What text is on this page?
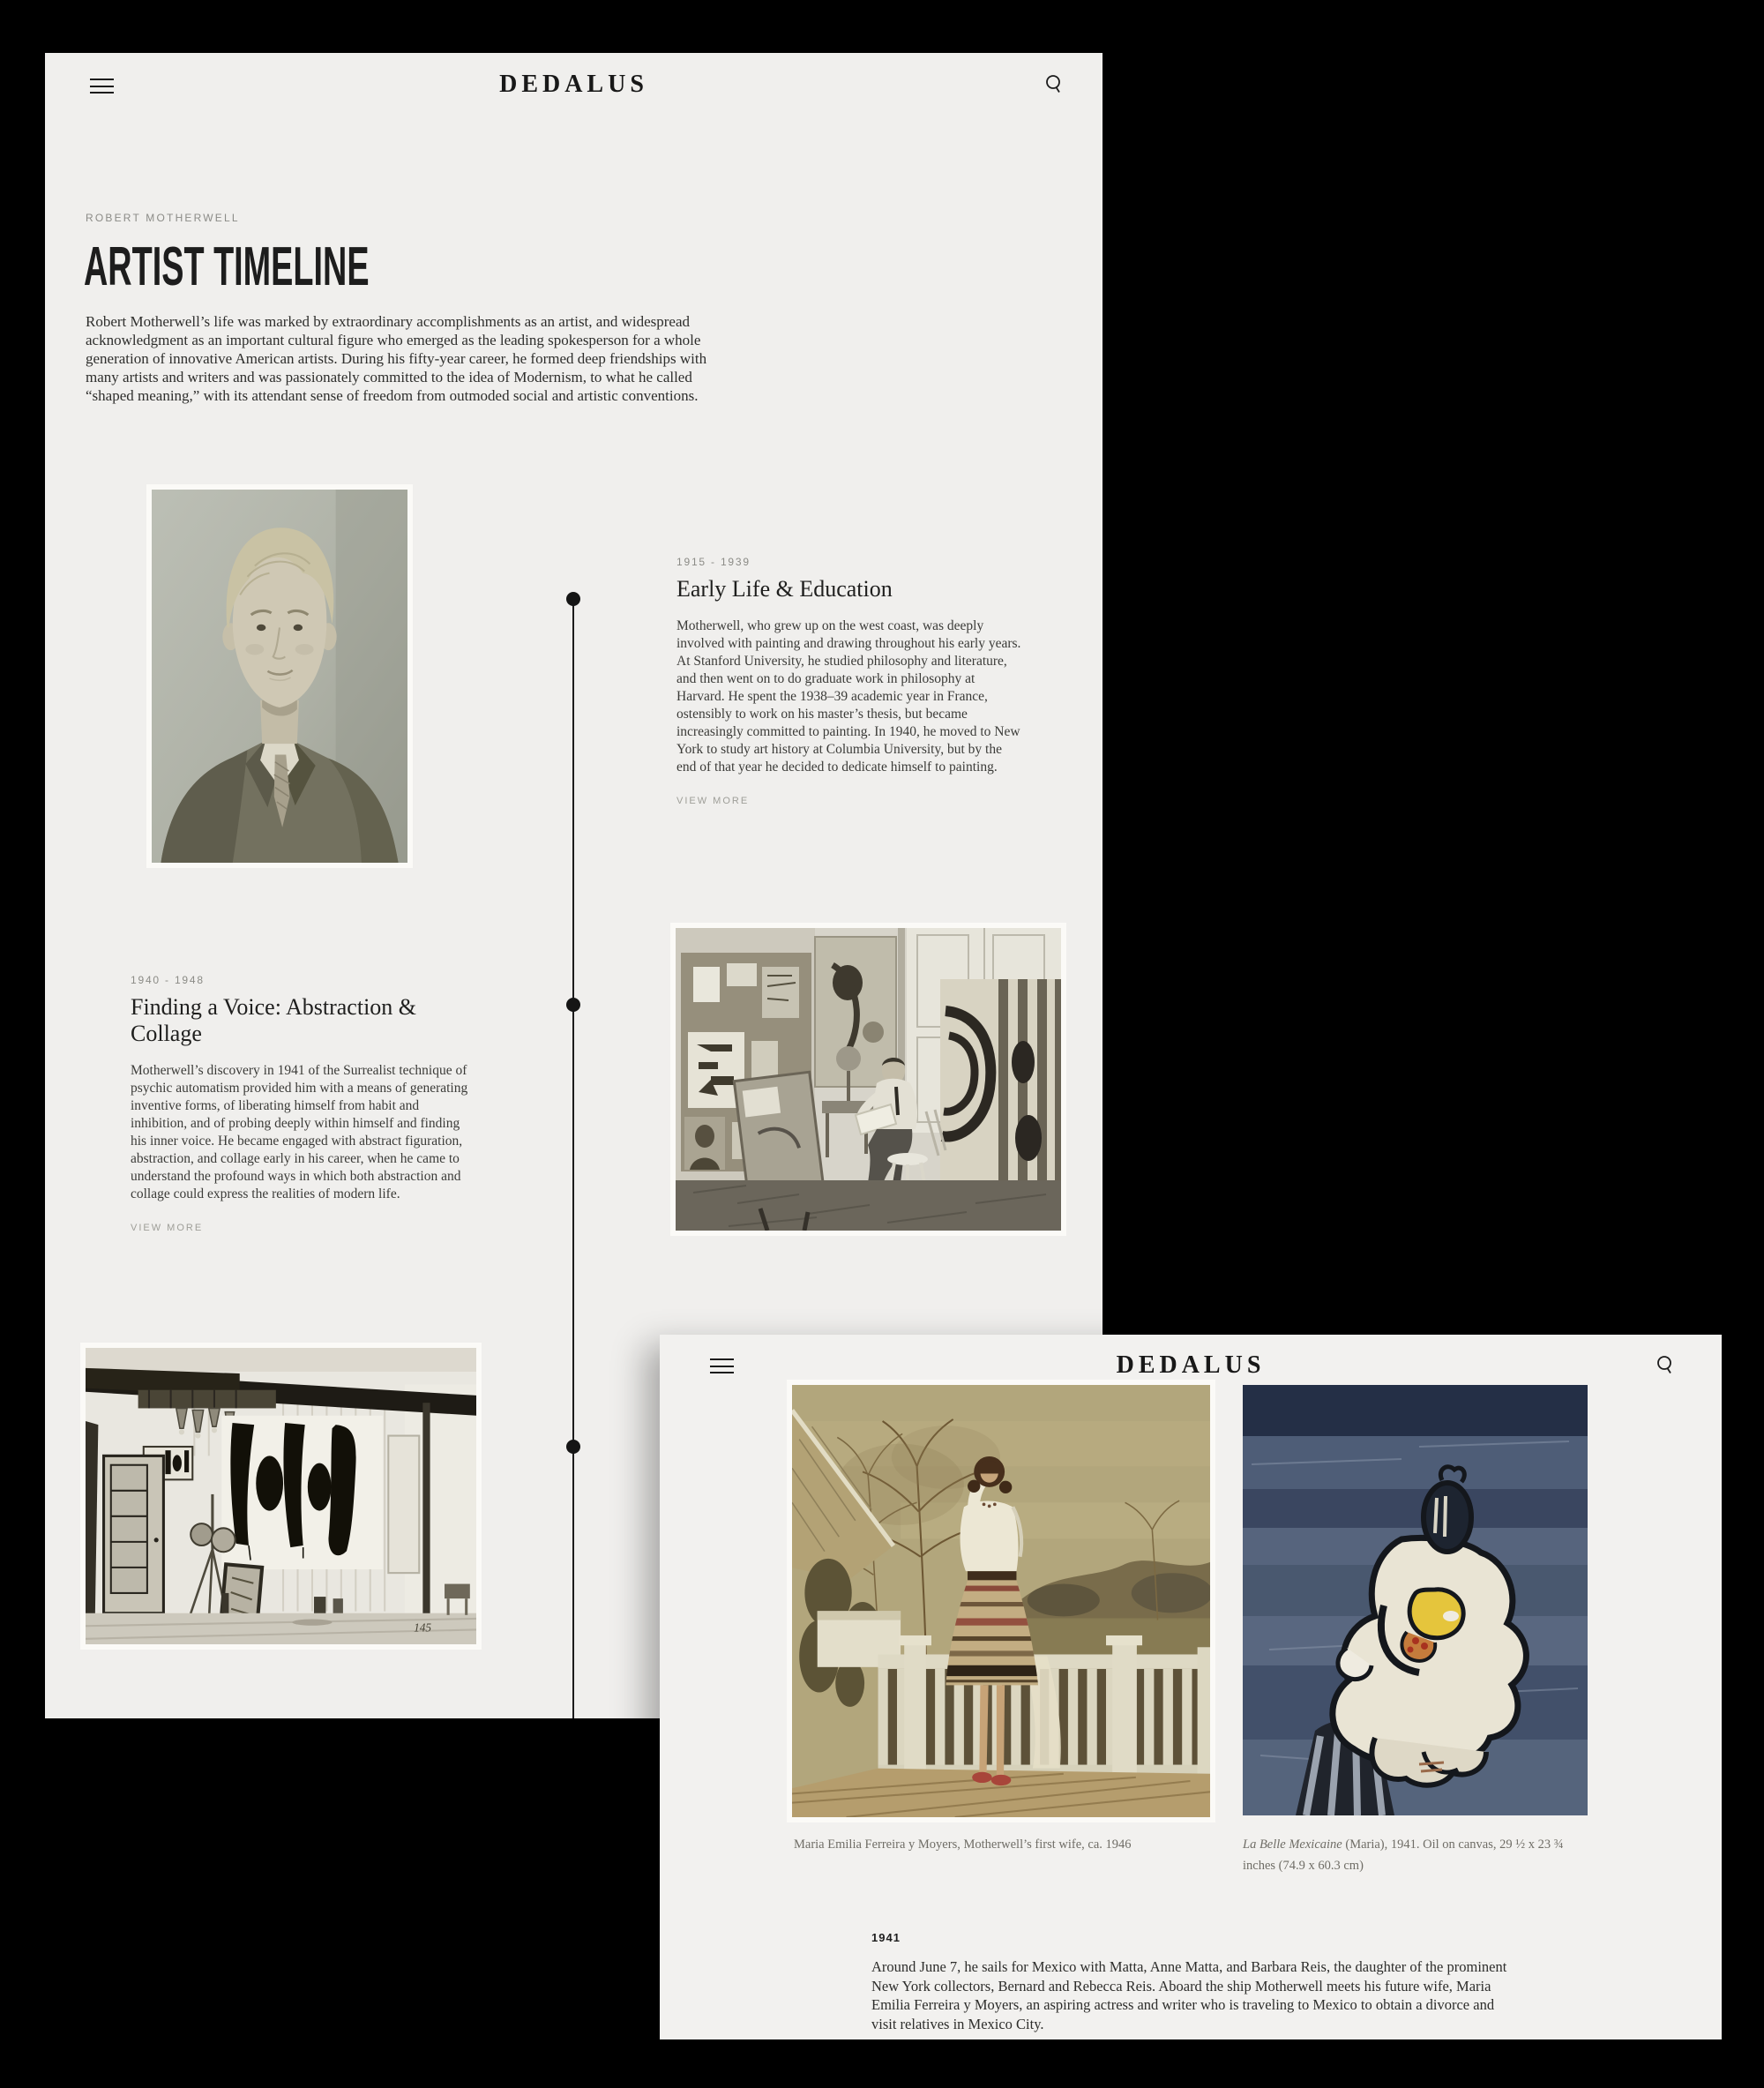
DEDALUS
ROBERT MOTHERWELL
ARTIST TIMELINE

Robert Motherwell’s life was marked by extraordinary accomplishments as an artist, and widespread acknowledgment as an important cultural figure who emerged as the leading spokesperson for a whole generation of innovative American artists. During his fifty-year career, he formed deep friendships with many artists and writers and was passionately committed to the idea of Modernism, to what he called “shaped meaning,” with its attendant sense of freedom from outmoded social and artistic conventions.

1915 - 1939

Early Life & Education

Motherwell, who grew up on the west coast, was deeply involved with painting and drawing throughout his early years. At Stanford University, he studied philosophy and literature, and then went on to do graduate work in philosophy at Harvard. He spent the 1938–39 academic year in France, ostensibly to work on his master’s thesis, but became increasingly committed to painting. In 1940, he moved to New York to study art history at Columbia University, but by the end of that year he decided to dedicate himself to painting.

VIEW MORE

1940 - 1948

Finding a Voice: Abstraction & Collage

Motherwell’s discovery in 1941 of the Surrealist technique of psychic automatism provided him with a means of generating inventive forms, of liberating himself from habit and inhibition, and of probing deeply within himself and finding his inner voice. He became engaged with abstract figuration, abstraction, and collage early in his career, when he came to understand the profound ways in which both abstraction and collage could express the realities of modern life.

VIEW MORE
145
DEDALUS

Maria Emilia Ferreira y Moyers, Motherwell’s first wife, ca. 1946	La Belle Mexicaine (Maria), 1941. Oil on canvas, 29 ½ x 23 ¾ inches (74.9 x 60.3 cm)

1941

Around June 7, he sails for Mexico with Matta, Anne Matta, and Barbara Reis, the daughter of the prominent New York collectors, Bernard and Rebecca Reis. Aboard the ship Motherwell meets his future wife, Maria Emilia Ferreira y Moyers, an aspiring actress and writer who is traveling to Mexico to obtain a divorce and visit relatives in Mexico City.
